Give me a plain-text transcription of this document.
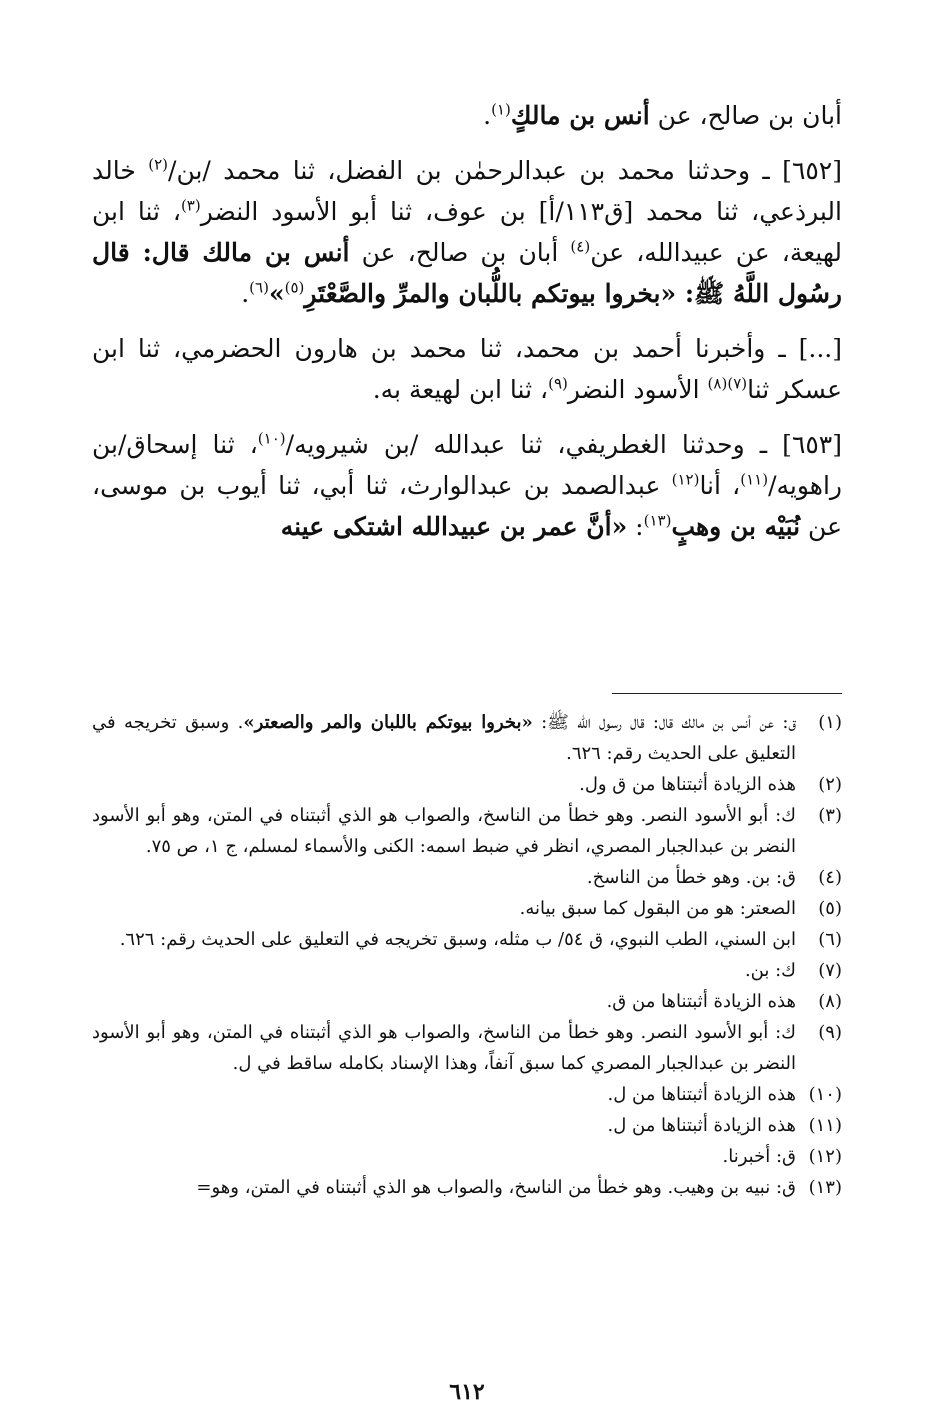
أبان بن صالح، عن أنس بن مالكٍ$^{(١)}$.

[٦٥٢] ـ وحدثنا محمد بن عبدالرحمٰن بن الفضل، ثنا محمد /بن/$^{(٢)}$ خالد البرذعي، ثنا محمد [ق١١٣/أ] بن عوف، ثنا أبو الأسود النضر$^{(٣)}$، ثنا ابن لهيعة، عن عبيدالله، عن$^{(٤)}$ أبان بن صالح، عن أنس بن مالك قال: قال رسُول اللَّهُ ﷺ: «بخروا بيوتكم باللُّبان والمرِّ والصَّعْتَرِ$^{(٥)}$»$^{(٦)}$.

[...] ـ وأخبرنا أحمد بن محمد، ثنا محمد بن هارون الحضرمي، ثنا ابن عسكر ثنا$^{(٧)(٨)}$ الأسود النضر$^{(٩)}$، ثنا ابن لهيعة به.

[٦٥٣] ـ وحدثنا الغطريفي، ثنا عبدالله /بن شيرويه/$^{(١٠)}$، ثنا إسحاق/بن راهويه/$^{(١١)}$، أنا$^{(١٢)}$ عبدالصمد بن عبدالوارث، ثنا أبي، ثنا أيوب بن موسى، عن نُبَيْه بن وهبٍ$^{(١٣)}$: «أنَّ عمر بن عبيدالله اشتكى عينه

(١)
ق: عن أنس بن مالك قال: قال رسول الله ﷺ: «بخروا بيوتكم باللبان والمر والصعتر». وسبق تخريجه في التعليق على الحديث رقم: ٦٢٦.
(٢)
هذه الزيادة أثبتناها من ق ول.
(٣)
ك: أبو الأسود النصر. وهو خطأ من الناسخ، والصواب هو الذي أثبتناه في المتن، وهو أبو الأسود النضر بن عبدالجبار المصري، انظر في ضبط اسمه: الكنى والأسماء لمسلم، ج ١، ص ٧٥.
(٤)
ق: بن. وهو خطأ من الناسخ.
(٥)
الصعتر: هو من البقول كما سبق بيانه.
(٦)
ابن السني، الطب النبوي، ق ٥٤/ ب مثله، وسبق تخريجه في التعليق على الحديث رقم: ٦٢٦.
(٧)
ك: بن.
(٨)
هذه الزيادة أثبتناها من ق.
(٩)
ك: أبو الأسود النصر. وهو خطأ من الناسخ، والصواب هو الذي أثبتناه في المتن، وهو أبو الأسود النضر بن عبدالجبار المصري كما سبق آنفاً، وهذا الإسناد بكامله ساقط في ل.
(١٠)
هذه الزيادة أثبتناها من ل.
(١١)
هذه الزيادة أثبتناها من ل.
(١٢)
ق: أخبرنا.
(١٣)
ق: نبيه بن وهيب. وهو خطأ من الناسخ، والصواب هو الذي أثبتناه في المتن، وهو=
٦١٢
